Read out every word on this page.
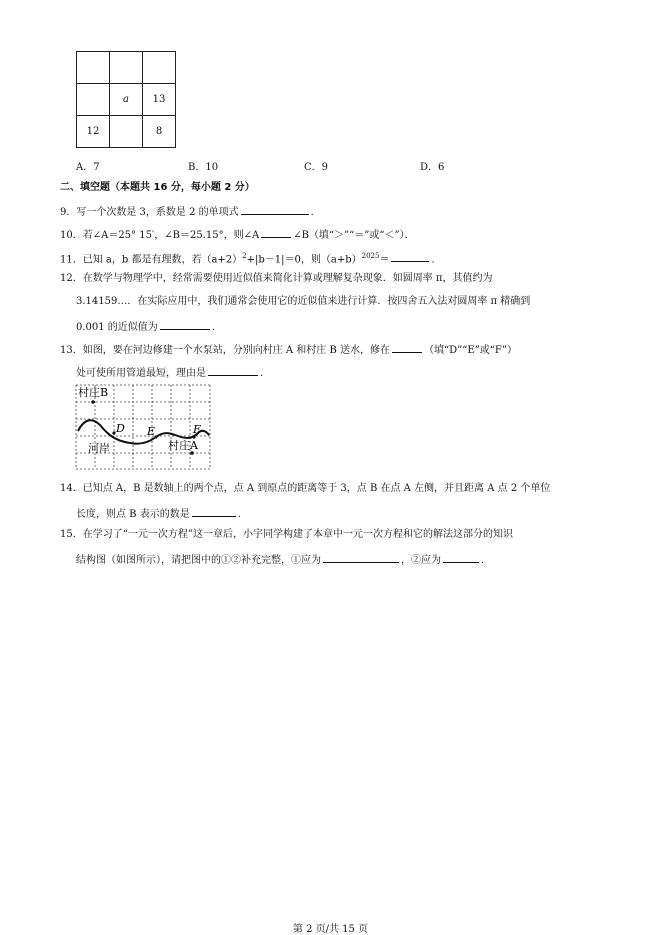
	a	13
12		8
A．7	B．10	C．9	D．6
二、填空题（本题共 16 分，每小题 2 分）
9．写一个次数是 3，系数是 2 的单项式	．
10．若∠A＝25° 15′，∠B＝25.15°，则∠A	∠B（填“＞”“＝”或“＜”）．
11．已知 a，b 都是有理数，若$(a+2)^2+|b-1|=0$，则$(a+b)^{2025}=$	．
12．在数学与物理学中，经常需要使用近似值来简化计算或理解复杂现象．如圆周率 π，其值约为
3.14159…．在实际应用中，我们通常会使用它的近似值来进行计算．按四舍五入法对圆周率 π 精确到
0.001 的近似值为	．
13．如图，要在河边修建一个水泵站，分别向村庄 A 和村庄 B 送水，修在	（填“D”“E”或“F”）
处可使所用管道最短，理由是	．
村庄B
D E	F
村庄A
河岸
14．已知点 A，B 是数轴上的两个点，点 A 到原点的距离等于 3，点 B 在点 A 左侧，并且距离 A 点 2 个单位
长度，则点 B 表示的数是	．
15．在学习了“一元一次方程”这一章后，小宇同学构建了本章中一元一次方程和它的解法这部分的知识
结构图（如图所示），请把图中的①②补充完整，①应为	，②应为	．
第 2 页/共 15 页
